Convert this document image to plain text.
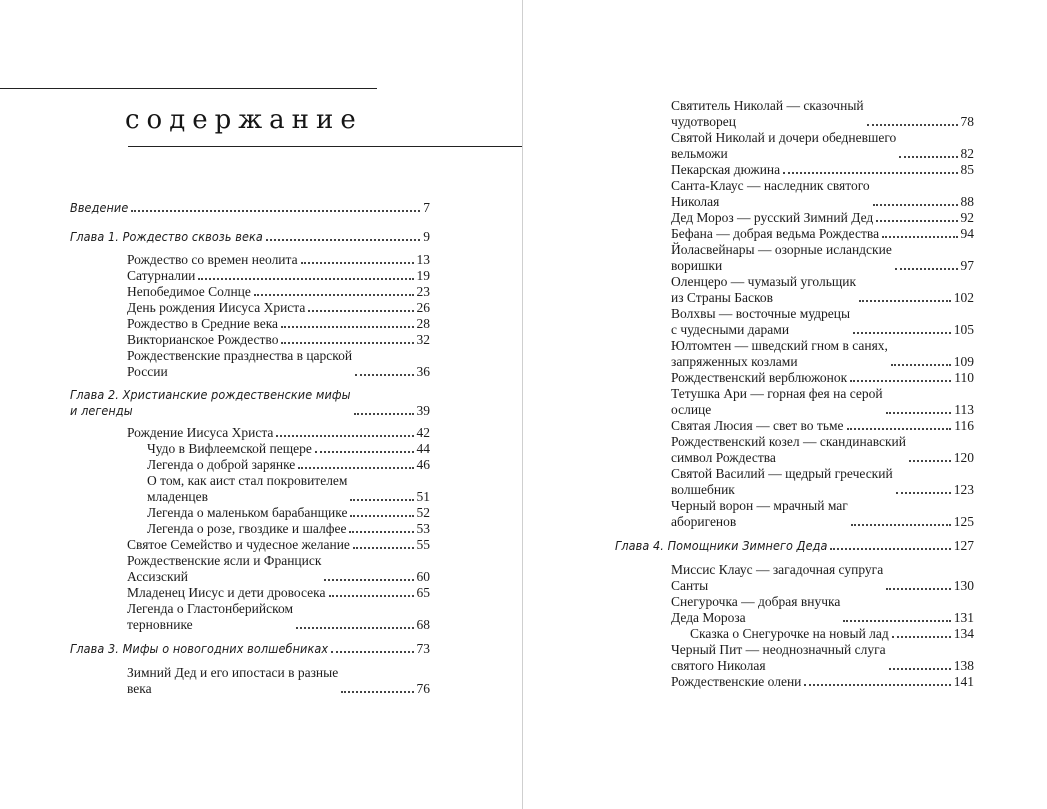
содержание
Введение	7
Глава 1. Рождество сквозь века	9
Рождество со времен неолита	13
Сатурналии	19
Непобедимое Солнце	23
День рождения Иисуса Христа	26
Рождество в Средние века	28
Викторианское Рождество	32
Рождественские празднества в царской
России	36
Глава 2. Христианские рождественские мифы
и легенды	39
Рождение Иисуса Христа	42
Чудо в Вифлеемской пещере	44
Легенда о доброй зарянке	46
О том, как аист стал покровителем
младенцев	51
Легенда о маленьком барабанщике	52
Легенда о розе, гвоздике и шалфее	53
Святое Семейство и чудесное желание	55
Рождественские ясли и Франциск
Ассизский	60
Младенец Иисус и дети дровосека	65
Легенда о Гластонберийском
терновнике	68
Глава 3. Мифы о новогодних волшебниках	73
Зимний Дед и его ипостаси в разные
века	76
Святитель Николай — сказочный
чудотворец	78
Святой Николай и дочери обедневшего
вельможи	82
Пекарская дюжина	85
Санта-Клаус — наследник святого
Николая	88
Дед Мороз — русский Зимний Дед	92
Бефана — добрая ведьма Рождества	94
Йоласвейнары — озорные исландские
воришки	97
Оленцеро — чумазый угольщик
из Страны Басков	102
Волхвы — восточные мудрецы
с чудесными дарами	105
Юлтомтен — шведский гном в санях,
запряженных козлами	109
Рождественский верблюжонок	110
Тетушка Ари — горная фея на серой
ослице	113
Святая Люсия — свет во тьме	116
Рождественский козел — скандинавский
символ Рождества	120
Святой Василий — щедрый греческий
волшебник	123
Черный ворон — мрачный маг
аборигенов	125
Глава 4. Помощники Зимнего Деда	127
Миссис Клаус — загадочная супруга
Санты	130
Снегурочка — добрая внучка
Деда Мороза	131
Сказка о Снегурочке на новый лад	134
Черный Пит — неоднозначный слуга
святого Николая	138
Рождественские олени	141
